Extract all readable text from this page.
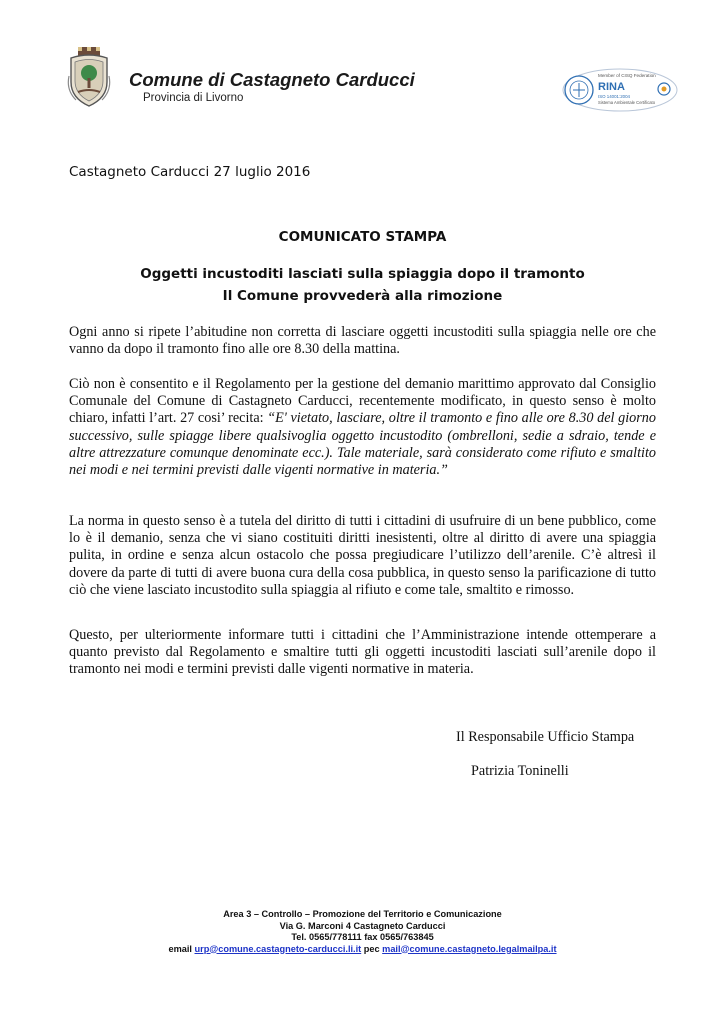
Comune di Castagneto Carducci
Provincia di Livorno
Member of CISQ Federation
RINA
ISO 14001:2004
Sistema Ambientale Certificato
Castagneto Carducci 27 luglio 2016
COMUNICATO STAMPA
Oggetti incustoditi lasciati sulla spiaggia dopo il tramonto
Il Comune provvederà alla rimozione

Ogni anno si ripete l’abitudine non corretta di lasciare oggetti incustoditi sulla spiaggia nelle ore che vanno da dopo il tramonto fino alle ore 8.30 della mattina.

Ciò non è consentito e il Regolamento per la gestione del demanio marittimo approvato dal Consiglio Comunale del Comune di Castagneto Carducci, recentemente modificato, in questo senso è molto chiaro, infatti l’art. 27 cosi’ recita: “E' vietato, lasciare, oltre il tramonto e fino alle ore 8.30 del giorno successivo, sulle spiagge libere qualsivoglia oggetto incustodito (ombrelloni, sedie a sdraio, tende e altre attrezzature comunque denominate ecc.). Tale materiale, sarà considerato come rifiuto e smaltito nei modi e nei termini previsti dalle vigenti normative in materia.”

La norma in questo senso è a tutela del diritto di tutti i cittadini di usufruire di un bene pubblico, come lo è il demanio, senza che vi siano costituiti diritti inesistenti, oltre al diritto di avere una spiaggia pulita, in ordine e senza alcun ostacolo che possa pregiudicare l’utilizzo dell’arenile. C’è altresì il dovere da parte di tutti di avere buona cura della cosa pubblica, in questo senso la parificazione di tutto ciò che viene lasciato incustodito sulla spiaggia al rifiuto e come tale, smaltito e rimosso.

Questo, per ulteriormente informare tutti i cittadini che l’Amministrazione intende ottemperare a quanto previsto dal Regolamento e smaltire tutti gli oggetti incustoditi lasciati sull’arenile dopo il tramonto nei modi e termini previsti dalle vigenti normative in materia.

Il Responsabile Ufficio Stampa
Patrizia Toninelli
Area 3 – Controllo – Promozione del Territorio e Comunicazione
Via G. Marconi 4 Castagneto Carducci
Tel. 0565/778111 fax 0565/763845
email urp@comune.castagneto-carducci.li.it pec mail@comune.castagneto.legalmailpa.it
